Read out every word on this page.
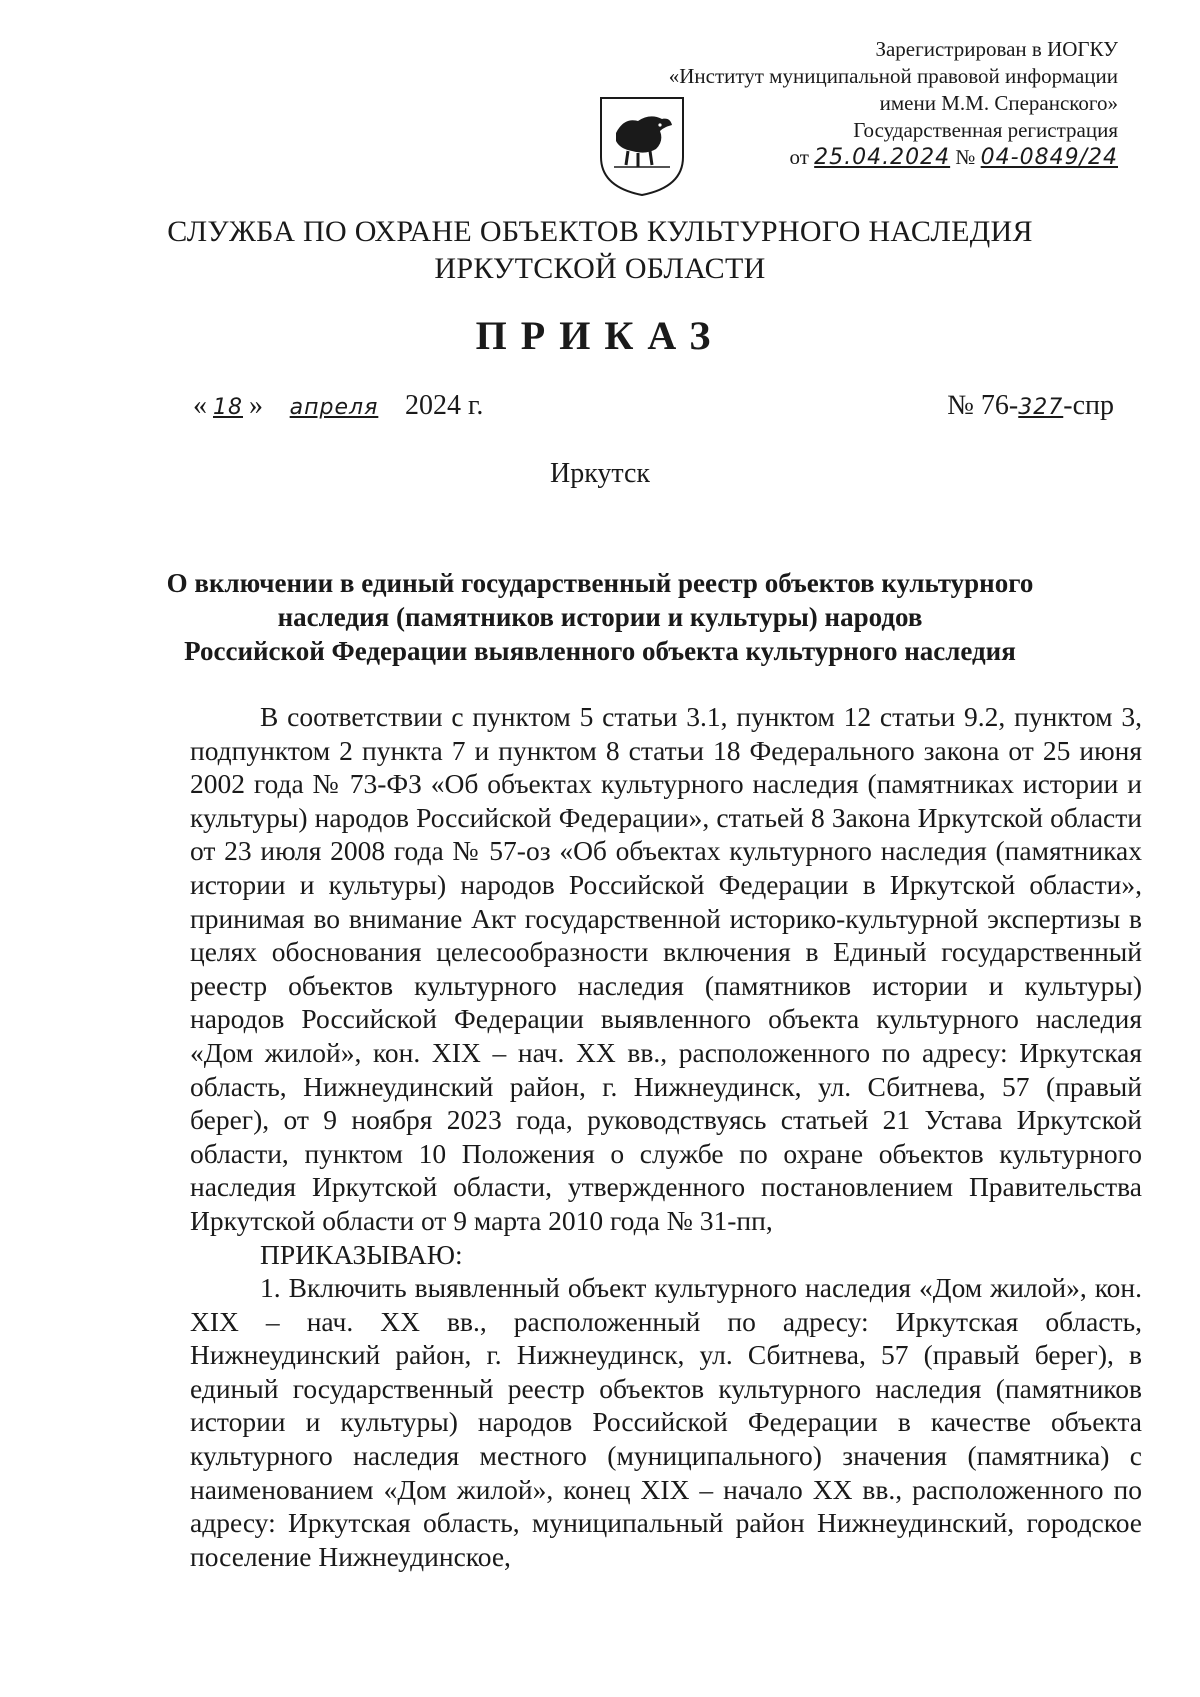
Зарегистрирован в ИОГКУ
«Институт муниципальной правовой информации
имени М.М. Сперанского»
Государственная регистрация
от 25.04.2024 № 04-0849/24
СЛУЖБА ПО ОХРАНЕ ОБЪЕКТОВ КУЛЬТУРНОГО НАСЛЕДИЯ
ИРКУТСКОЙ ОБЛАСТИ
ПРИКАЗ
« 18 » апреля 2024 г.	№ 76-327-спр
Иркутск
О включении в единый государственный реестр объектов культурного
наследия (памятников истории и культуры) народов
Российской Федерации выявленного объекта культурного наследия

В соответствии с пунктом 5 статьи 3.1, пунктом 12 статьи 9.2, пунктом 3, подпунктом 2 пункта 7 и пунктом 8 статьи 18 Федерального закона от 25 июня 2002 года № 73-ФЗ «Об объектах культурного наследия (памятниках истории и культуры) народов Российской Федерации», статьей 8 Закона Иркутской области от 23 июля 2008 года № 57-оз «Об объектах культурного наследия (памятниках истории и культуры) народов Российской Федерации в Иркутской области», принимая во внимание Акт государственной историко-культурной экспертизы в целях обоснования целесообразности включения в Единый государственный реестр объектов культурного наследия (памятников истории и культуры) народов Российской Федерации выявленного объекта культурного наследия «Дом жилой», кон. XIX – нач. XX вв., расположенного по адресу: Иркутская область, Нижнеудинский район, г. Нижнеудинск, ул. Сбитнева, 57 (правый берег), от 9 ноября 2023 года, руководствуясь статьей 21 Устава Иркутской области, пунктом 10 Положения о службе по охране объектов культурного наследия Иркутской области, утвержденного постановлением Правительства Иркутской области от 9 марта 2010 года № 31-пп,

ПРИКАЗЫВАЮ:

1. Включить выявленный объект культурного наследия «Дом жилой», кон. XIX – нач. XX вв., расположенный по адресу: Иркутская область, Нижнеудинский район, г. Нижнеудинск, ул. Сбитнева, 57 (правый берег), в единый государственный реестр объектов культурного наследия (памятников истории и культуры) народов Российской Федерации в качестве объекта культурного наследия местного (муниципального) значения (памятника) с наименованием «Дом жилой», конец XIX – начало XX вв., расположенного по адресу: Иркутская область, муниципальный район Нижнеудинский, городское поселение Нижнеудинское,
